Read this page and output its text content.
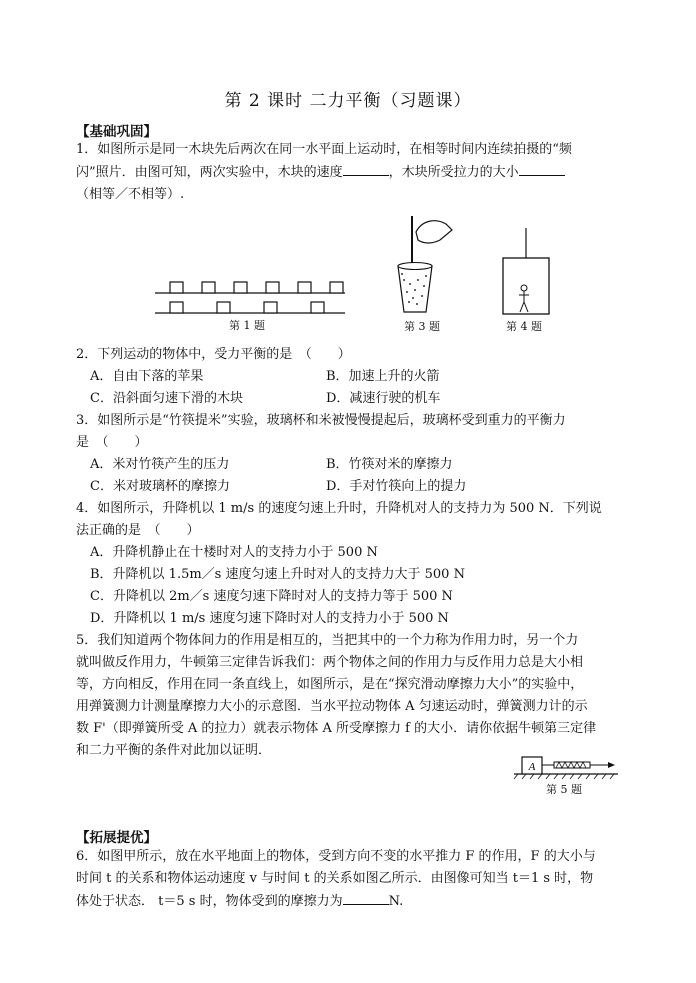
第 2 课时 二力平衡（习题课）
【基础巩固】
1．如图所示是同一木块先后两次在同一水平面上运动时，在相等时间内连续拍摄的“频
闪”照片．由图可知，两次实验中，木块的速度	，木块所受拉力的大小
（相等／不相等）.
第 1 题	第 3 题	第 4 题
2．下列运动的物体中，受力平衡的是　（　　）
A．自由下落的苹果	B．加速上升的火箭
C．沿斜面匀速下滑的木块	D．减速行驶的机车
3．如图所示是“竹筷提米”实验，玻璃杯和米被慢慢提起后，玻璃杯受到重力的平衡力
是　（　　）
A．米对竹筷产生的压力	B．竹筷对米的摩擦力
C．米对玻璃杯的摩擦力	D．手对竹筷向上的提力
4．如图所示，升降机以 1 m/s 的速度匀速上升时，升降机对人的支持力为 500 N．下列说
法正确的是　（　　）
A．升降机静止在十楼时对人的支持力小于 500 N
B．升降机以 1.5m／s 速度匀速上升时对人的支持力大于 500 N
C．升降机以 2m／s 速度匀速下降时对人的支持力等于 500 N
D．升降机以 1 m/s 速度匀速下降时对人的支持力小于 500 N
5．我们知道两个物体间力的作用是相互的，当把其中的一个力称为作用力时，另一个力
就叫做反作用力，牛顿第三定律告诉我们：两个物体之间的作用力与反作用力总是大小相
等，方向相反，作用在同一条直线上，如图所示，是在“探究滑动摩擦力大小”的实验中，
用弹簧测力计测量摩擦力大小的示意图．当水平拉动物体 A 匀速运动时，弹簧测力计的示
数 F'（即弹簧所受 A 的拉力）就表示物体 A 所受摩擦力 f 的大小．请你依据牛顿第三定律
和二力平衡的条件对此加以证明．
A
第 5 题
【拓展提优】
6．如图甲所示，放在水平地面上的物体，受到方向不变的水平推力 F 的作用，F 的大小与
时间 t 的关系和物体运动速度 v 与时间 t 的关系如图乙所示．由图像可知当 t＝1 s 时，物
体处于状态． t＝5 s 时，物体受到的摩擦力为	N.
